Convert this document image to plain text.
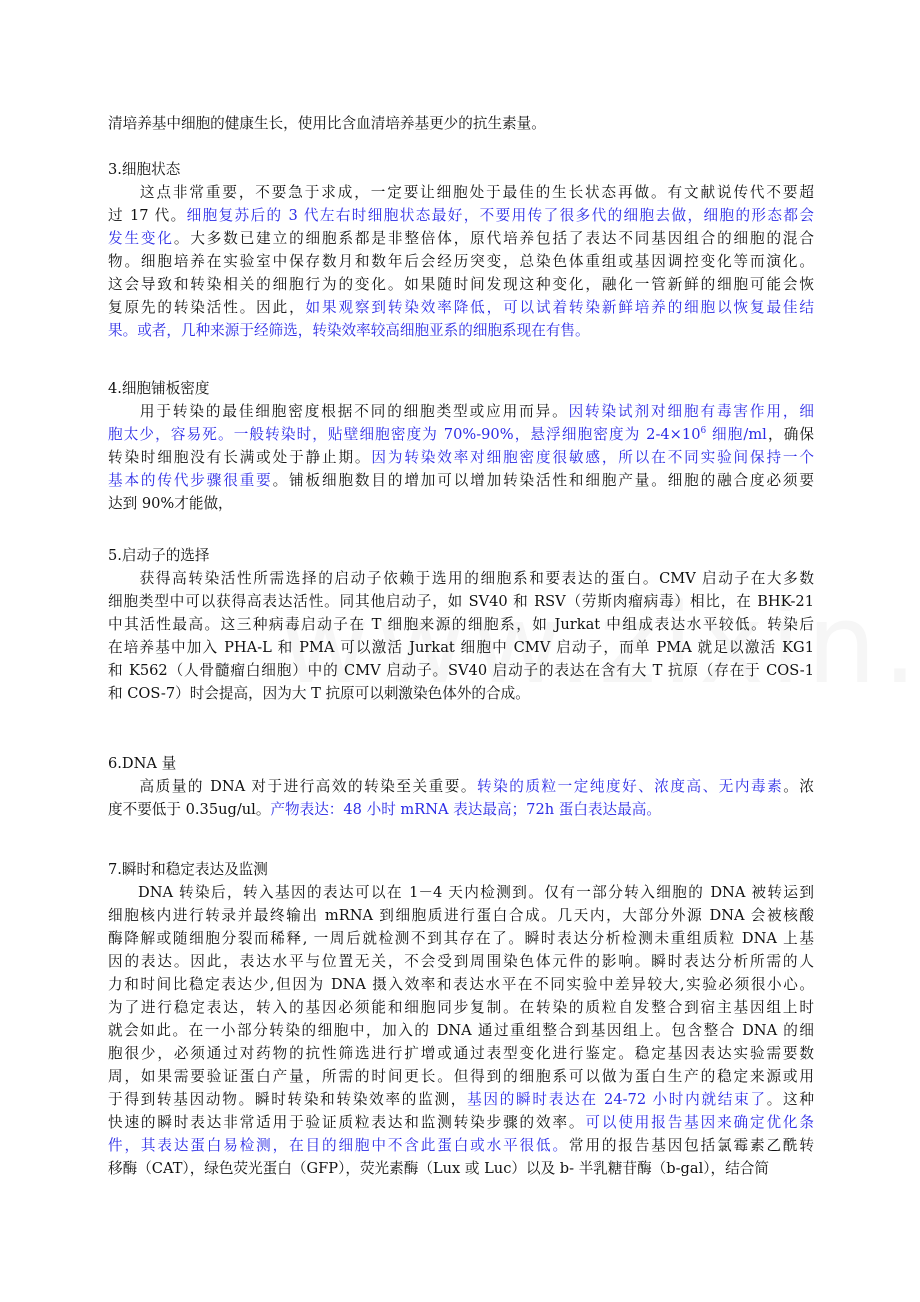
清培养基中细胞的健康生长，使用比含血清培养基更少的抗生素量。
3.细胞状态
这点非常重要，不要急于求成，一定要让细胞处于最佳的生长状态再做。有文献说传代不要超
过 17 代。细胞复苏后的 3 代左右时细胞状态最好，不要用传了很多代的细胞去做，细胞的形态都会
发生变化。大多数已建立的细胞系都是非整倍体，原代培养包括了表达不同基因组合的细胞的混合
物。细胞培养在实验室中保存数月和数年后会经历突变，总染色体重组或基因调控变化等而演化。
这会导致和转染相关的细胞行为的变化。如果随时间发现这种变化，融化一管新鲜的细胞可能会恢
复原先的转染活性。因此，如果观察到转染效率降低，可以试着转染新鲜培养的细胞以恢复最佳结
果。或者，几种来源于经筛选，转染效率较高细胞亚系的细胞系现在有售。
4.细胞铺板密度
用于转染的最佳细胞密度根据不同的细胞类型或应用而异。因转染试剂对细胞有毒害作用，细
胞太少，容易死。一般转染时，贴壁细胞密度为 70%-90%，悬浮细胞密度为 $2-4\times 10^6$ 细胞/ml，确保
转染时细胞没有长满或处于静止期。因为转染效率对细胞密度很敏感，所以在不同实验间保持一个
基本的传代步骤很重要。铺板细胞数目的增加可以增加转染活性和细胞产量。细胞的融合度必须要
达到 90%才能做，
5.启动子的选择
获得高转染活性所需选择的启动子依赖于选用的细胞系和要表达的蛋白。CMV 启动子在大多数
细胞类型中可以获得高表达活性。同其他启动子，如 SV40 和 RSV（劳斯肉瘤病毒）相比，在 BHK-21
中其活性最高。这三种病毒启动子在 T 细胞来源的细胞系，如 Jurkat 中组成表达水平较低。转染后
在培养基中加入 PHA-L 和 PMA 可以激活 Jurkat 细胞中 CMV 启动子，而单 PMA 就足以激活 KG1
和 K562（人骨髓瘤白细胞）中的 CMV 启动子。SV40 启动子的表达在含有大 T 抗原（存在于 COS-1
和 COS-7）时会提高，因为大 T 抗原可以刺激染色体外的合成。
6.DNA 量
高质量的 DNA 对于进行高效的转染至关重要。转染的质粒一定纯度好、浓度高、无内毒素。浓
度不要低于 0.35ug/ul。产物表达：48 小时 mRNA 表达最高；72h 蛋白表达最高。
7.瞬时和稳定表达及监测
DNA 转染后，转入基因的表达可以在 1－4 天内检测到。仅有一部分转入细胞的 DNA 被转运到
细胞核内进行转录并最终输出 mRNA 到细胞质进行蛋白合成。几天内，大部分外源 DNA 会被核酸
酶降解或随细胞分裂而稀释, 一周后就检测不到其存在了。瞬时表达分析检测未重组质粒 DNA 上基
因的表达。因此，表达水平与位置无关，不会受到周围染色体元件的影响。瞬时表达分析所需的人
力和时间比稳定表达少,但因为 DNA 摄入效率和表达水平在不同实验中差异较大,实验必须很小心。
为了进行稳定表达，转入的基因必须能和细胞同步复制。在转染的质粒自发整合到宿主基因组上时
就会如此。在一小部分转染的细胞中，加入的 DNA 通过重组整合到基因组上。包含整合 DNA 的细
胞很少，必须通过对药物的抗性筛选进行扩增或通过表型变化进行鉴定。稳定基因表达实验需要数
周，如果需要验证蛋白产量，所需的时间更长。但得到的细胞系可以做为蛋白生产的稳定来源或用
于得到转基因动物。瞬时转染和转染效率的监测，基因的瞬时表达在 24-72 小时内就结束了。这种
快速的瞬时表达非常适用于验证质粒表达和监测转染步骤的效率。可以使用报告基因来确定优化条
件，其表达蛋白易检测，在目的细胞中不含此蛋白或水平很低。常用的报告基因包括氯霉素乙酰转
移酶（CAT），绿色荧光蛋白（GFP），荧光素酶（Lux 或 Luc）以及 b- 半乳糖苷酶（b-gal），结合简
